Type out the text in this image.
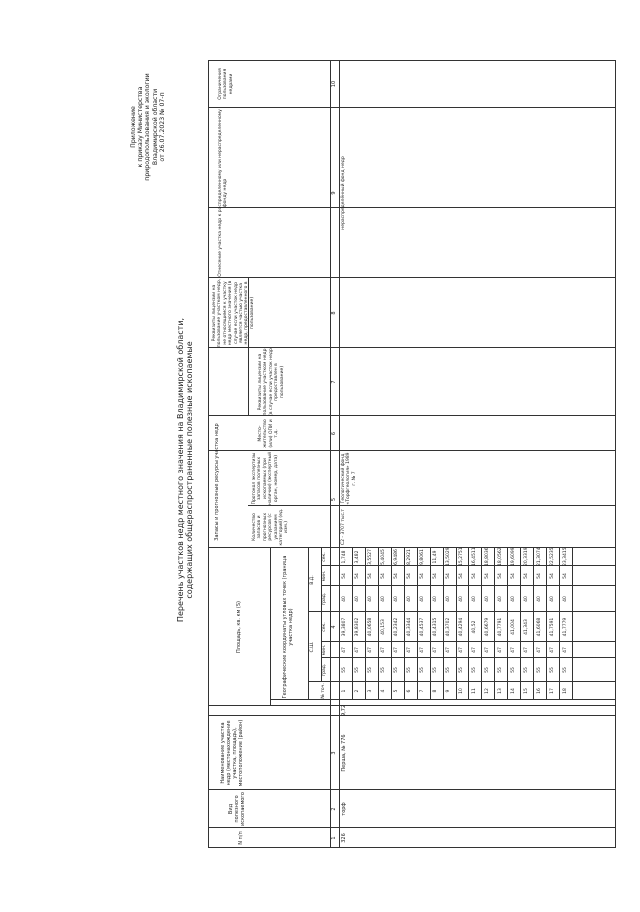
Приложение к приказу Министерства природопользования и экологии Владимирской области от 26.07.2023 № 07-п
Перечень участков недр местного значения на Владимирской области, содержащих общераспространенные полезные ископаемые
N п/п
Вид полезного ископаемого
Наименование участка недр (местонахождение участка, площадь), местоположение (район)
Площадь, кв. км (S)	Географические координаты угловых точек (граница участка недр)
С.Ш.
В.Д.
№ точ.
град.
мин.
сек.
град.
мин.
сек.
Запасы и прогнозные ресурсы участка недр	Количество запасов и прогнозных ресурсов (с указанием категорий) (ед. изм.)
Протокол экспертизы запасов полезных ископаемых (при наличии) (экспертный орган, номер, дата)
Место-жительство (или) ОПИ и т.д.
Реквизиты лицензии на пользование участком недр (в случае если участок недр предоставлен в пользование)
Реквизиты лицензии на пользование участком недр, не относящимся к участку недр местного значения (в случае если участок недр является частью участка недр, предоставленного в пользование)
Отнесение участка недр к распределенному или нераспределенному фонду недр
Ограничения пользования недрами
1
2
3
4
5
6
7
8
9
10
326
торф
Перша, № 776
9,72
С2 - 3707 тыс.т
Геологический фонд «Торфгеология» 1989 г. № 7
нераспределённый фонд недр
1
55
47
39,3807
40
54
1,748
2
55
47
39,8302
40
54
3,482
3
55
47
40,0658
40
54
3,5527
4
55
47
40,153
40
54
5,4045
5
55
47
40,2342
40
54
6,9486
6
55
47
40,3344
40
54
8,2921
7
55
47
40,4537
40
54
9,8061
8
55
47
40,4315
40
54
11,49
9
55
47
40,3702
40
54
13,5029
10
55
47
40,4294
40
54
15,2751
11
55
47
40,52
40
54
16,4511
12
55
47
40,6679
40
54
18,8036
13
55
47
40,7791
40
54
18,0562
14
55
47
41,004
40
54
19,6099
15
55
47
41,343
40
54
20,3319
16
55
47
41,6068
40
54
21,3074
17
55
47
41,7591
40
54
22,5235
18
55
47
41,7779
40
54
23,3415
